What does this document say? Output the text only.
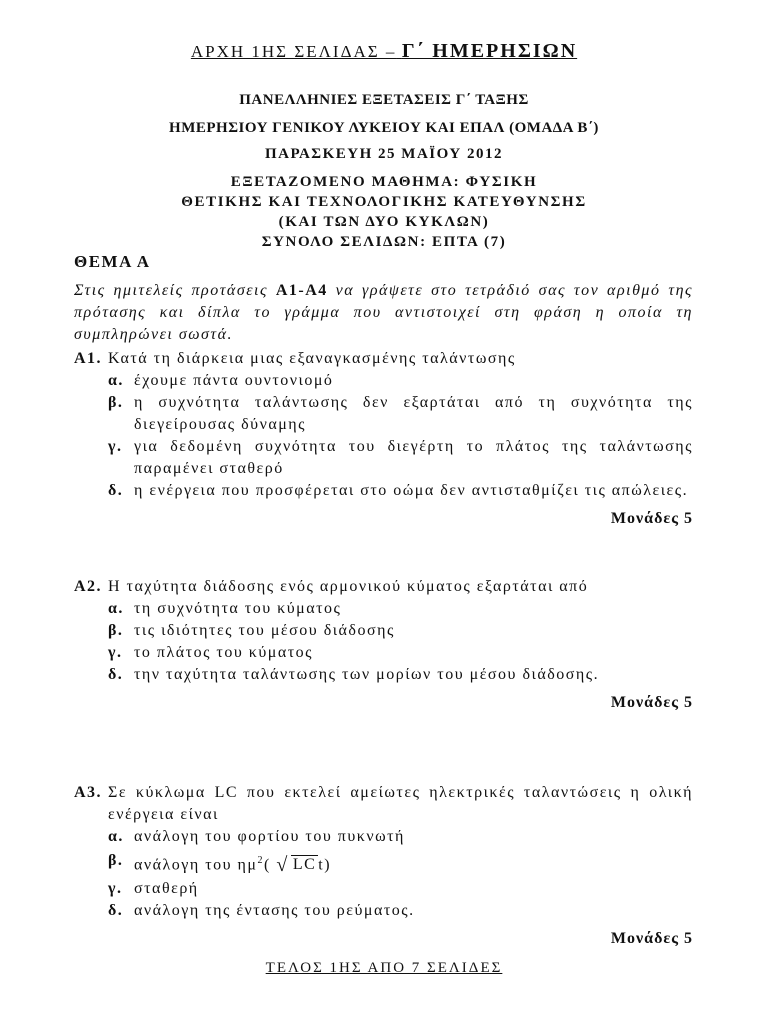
ΑΡΧΗ 1ΗΣ ΣΕΛΙΔΑΣ – Γ΄ ΗΜΕΡΗΣΙΩΝ
ΠΑΝΕΛΛΗΝΙΕΣ ΕΞΕΤΑΣΕΙΣ Γ΄ ΤΑΞΗΣ
ΗΜΕΡΗΣΙΟΥ ΓΕΝΙΚΟΥ ΛΥΚΕΙΟΥ ΚΑΙ ΕΠΑΛ (ΟΜΑΔΑ Β΄)
ΠΑΡΑΣΚΕΥΗ 25 ΜΑΪΟΥ 2012
ΕΞΕΤΑΖΟΜΕΝΟ ΜΑΘΗΜΑ: ΦΥΣΙΚΗ
ΘΕΤΙΚΗΣ ΚΑΙ ΤΕΧΝΟΛΟΓΙΚΗΣ ΚΑΤΕΥΘΥΝΣΗΣ
(ΚΑΙ ΤΩΝ ΔΥΟ ΚΥΚΛΩΝ)
ΣΥΝΟΛΟ ΣΕΛΙΔΩΝ: ΕΠΤΑ (7)
ΘΕΜΑ Α
Στις ημιτελείς προτάσεις Α1-Α4 να γράψετε στο τετράδιό σας τον αριθμό της πρότασης και δίπλα το γράμμα που αντιστοιχεί στη φράση η οποία τη συμπληρώνει σωστά.
Α1. Κατά τη διάρκεια μιας εξαναγκασμένης ταλάντωσης
α. έχουμε πάντα ουντονιομό
β. η συχνότητα ταλάντωσης δεν εξαρτάται από τη συχνότητα της διεγείρουσας δύναμης
γ. για δεδομένη συχνότητα του διεγέρτη το πλάτος της ταλάντωσης παραμένει σταθερό
δ. η ενέργεια που προσφέρεται στο οώμα δεν αντισταθμίζει τις απώλειες.
Μονάδες 5
Α2. Η ταχύτητα διάδοσης ενός αρμονικού κύματος εξαρτάται από
α. τη συχνότητα του κύματος
β. τις ιδιότητες του μέσου διάδοσης
γ. το πλάτος του κύματος
δ. την ταχύτητα ταλάντωσης των μορίων του μέσου διάδοσης.
Μονάδες 5
Α3. Σε κύκλωμα LC που εκτελεί αμείωτες ηλεκτρικές ταλαντώσεις η ολική ενέργεια είναι
α. ανάλογη του φορτίου του πυκνωτή
β. ανάλογη του $\eta\mu^2$( √ LC t)
γ. σταθερή
δ. ανάλογη της έντασης του ρεύματος.
Μονάδες 5
ΤΕΛΟΣ 1ΗΣ ΑΠΟ 7 ΣΕΛΙΔΕΣ
